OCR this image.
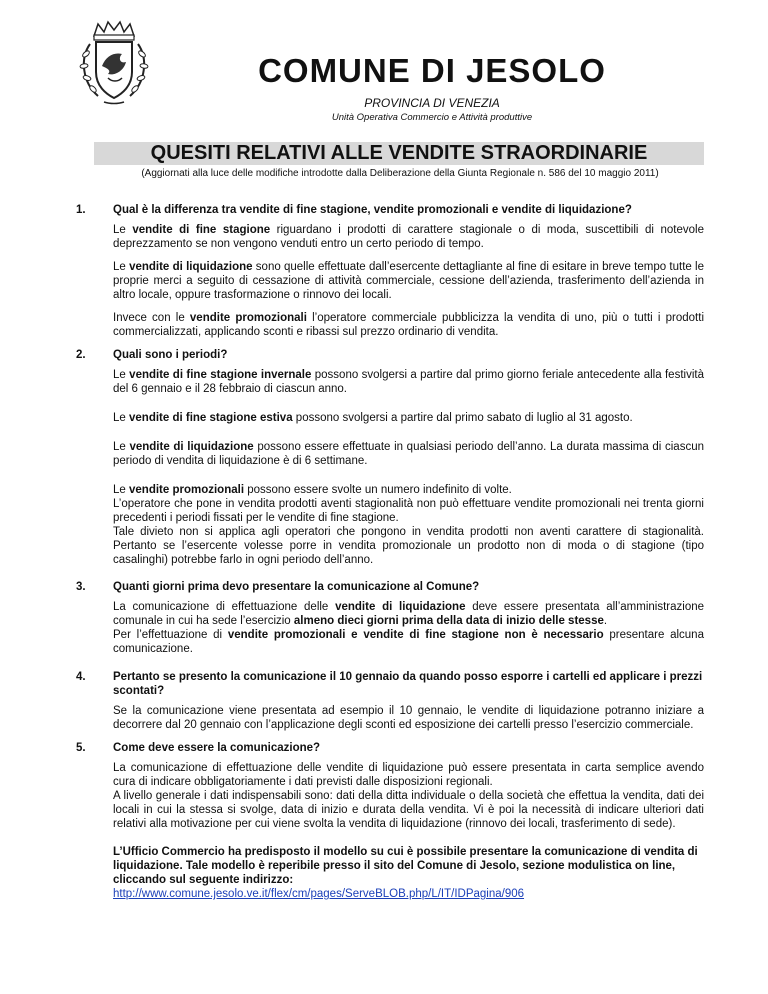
COMUNE DI JESOLO
PROVINCIA DI VENEZIA
Unità Operativa Commercio e Attività produttive
QUESITI RELATIVI ALLE VENDITE STRAORDINARIE
(Aggiornati alla luce delle modifiche introdotte dalla Deliberazione della Giunta Regionale n. 586 del 10 maggio 2011)
1. Qual è la differenza tra vendite di fine stagione, vendite promozionali e vendite di liquidazione?
Le vendite di fine stagione riguardano i prodotti di carattere stagionale o di moda, suscettibili di notevole deprezzamento se non vengono venduti entro un certo periodo di tempo.
Le vendite di liquidazione sono quelle effettuate dall’esercente dettagliante al fine di esitare in breve tempo tutte le proprie merci a seguito di cessazione di attività commerciale, cessione dell’azienda, trasferimento dell’azienda in altro locale, oppure trasformazione o rinnovo dei locali.
Invece con le vendite promozionali l’operatore commerciale pubblicizza la vendita di uno, più o tutti i prodotti commercializzati, applicando sconti e ribassi sul prezzo ordinario di vendita.
2. Quali sono i periodi?
Le vendite di fine stagione invernale possono svolgersi a partire dal primo giorno feriale antecedente alla festività del 6 gennaio e il 28 febbraio di ciascun anno.
Le vendite di fine stagione estiva possono svolgersi a partire dal primo sabato di luglio al 31 agosto.
Le vendite di liquidazione possono essere effettuate in qualsiasi periodo dell’anno. La durata massima di ciascun periodo di vendita di liquidazione è di 6 settimane.
Le vendite promozionali possono essere svolte un numero indefinito di volte.
L’operatore che pone in vendita prodotti aventi stagionalità non può effettuare vendite promozionali nei trenta giorni precedenti i periodi fissati per le vendite di fine stagione.
Tale divieto non si applica agli operatori che pongono in vendita prodotti non aventi carattere di stagionalità. Pertanto se l’esercente volesse porre in vendita promozionale un prodotto non di moda o di stagione (tipo casalinghi) potrebbe farlo in ogni periodo dell’anno.
3. Quanti giorni prima devo presentare la comunicazione al Comune?
La comunicazione di effettuazione delle vendite di liquidazione deve essere presentata all’amministrazione comunale in cui ha sede l’esercizio almeno dieci giorni prima della data di inizio delle stesse.
Per l’effettuazione di vendite promozionali e vendite di fine stagione non è necessario presentare alcuna comunicazione.
4. Pertanto se presento la comunicazione il 10 gennaio da quando posso esporre i cartelli ed applicare i prezzi scontati?
Se la comunicazione viene presentata ad esempio il 10 gennaio, le vendite di liquidazione potranno iniziare a decorrere dal 20 gennaio con l’applicazione degli sconti ed esposizione dei cartelli presso l’esercizio commerciale.
5. Come deve essere la comunicazione?
La comunicazione di effettuazione delle vendite di liquidazione può essere presentata in carta semplice avendo cura di indicare obbligatoriamente i dati previsti dalle disposizioni regionali.
A livello generale i dati indispensabili sono: dati della ditta individuale o della società che effettua la vendita, dati dei locali in cui la stessa si svolge, data di inizio e durata della vendita. Vi è poi la necessità di indicare ulteriori dati relativi alla motivazione per cui viene svolta la vendita di liquidazione (rinnovo dei locali, trasferimento di sede).
L’Ufficio Commercio ha predisposto il modello su cui è possibile presentare la comunicazione di vendita di liquidazione. Tale modello è reperibile presso il sito del Comune di Jesolo, sezione modulistica on line, cliccando sul seguente indirizzo:
http://www.comune.jesolo.ve.it/flex/cm/pages/ServeBLOB.php/L/IT/IDPagina/906
